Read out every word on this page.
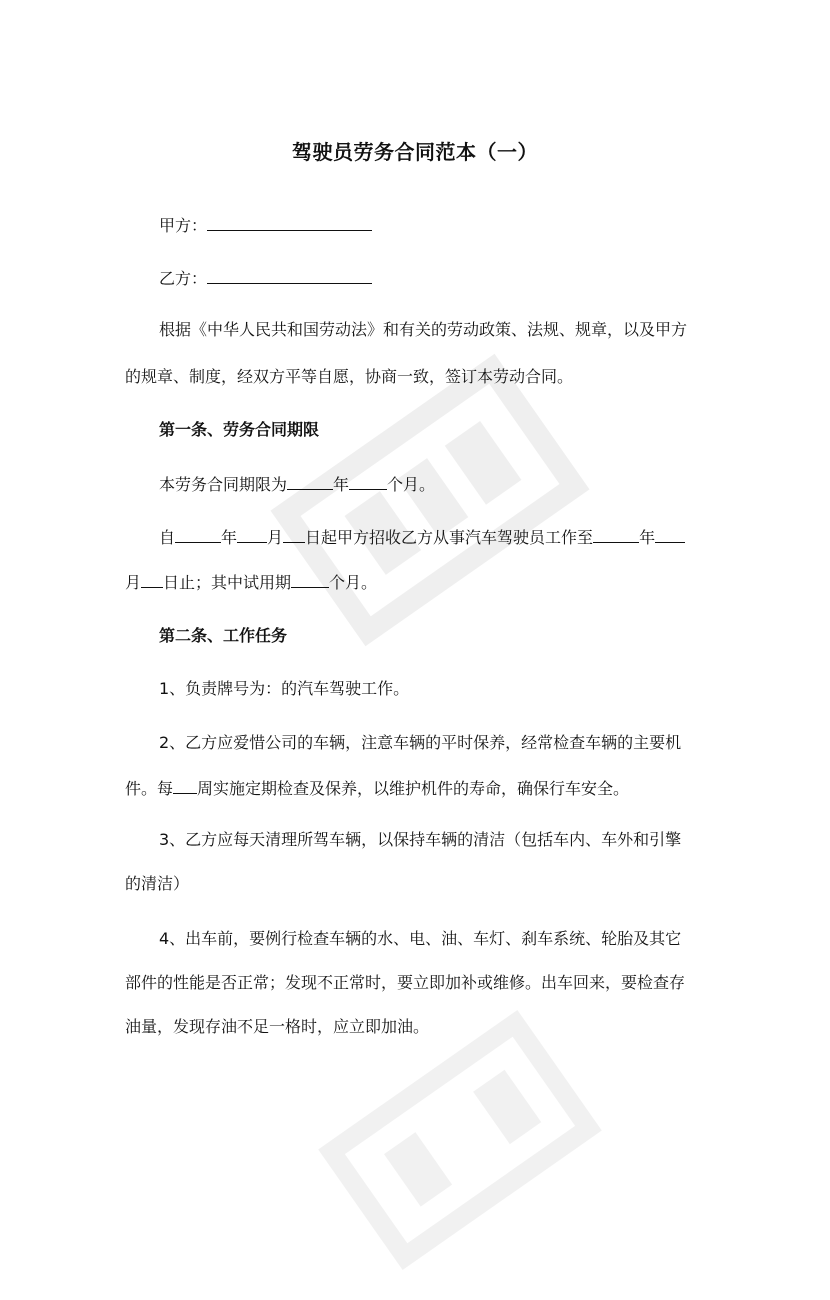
驾驶员劳务合同范本（一）
甲方：
乙方：
根据《中华人民共和国劳动法》和有关的劳动政策、法规、规章，以及甲方
的规章、制度，经双方平等自愿，协商一致，签订本劳动合同。
第一条、劳务合同期限
本劳务合同期限为	年 个月。
自	年 月 日起甲方招收乙方从事汽车驾驶员工作至	年
月 日止；其中试用期 个月。
第二条、工作任务
1、负责牌号为：的汽车驾驶工作。
2、乙方应爱惜公司的车辆，注意车辆的平时保养，经常检查车辆的主要机
件。每 周实施定期检查及保养，以维护机件的寿命，确保行车安全。
3、乙方应每天清理所驾车辆，以保持车辆的清洁（包括车内、车外和引擎
的清洁）
4、出车前，要例行检查车辆的水、电、油、车灯、刹车系统、轮胎及其它
部件的性能是否正常；发现不正常时，要立即加补或维修。出车回来，要检查存
油量，发现存油不足一格时，应立即加油。
